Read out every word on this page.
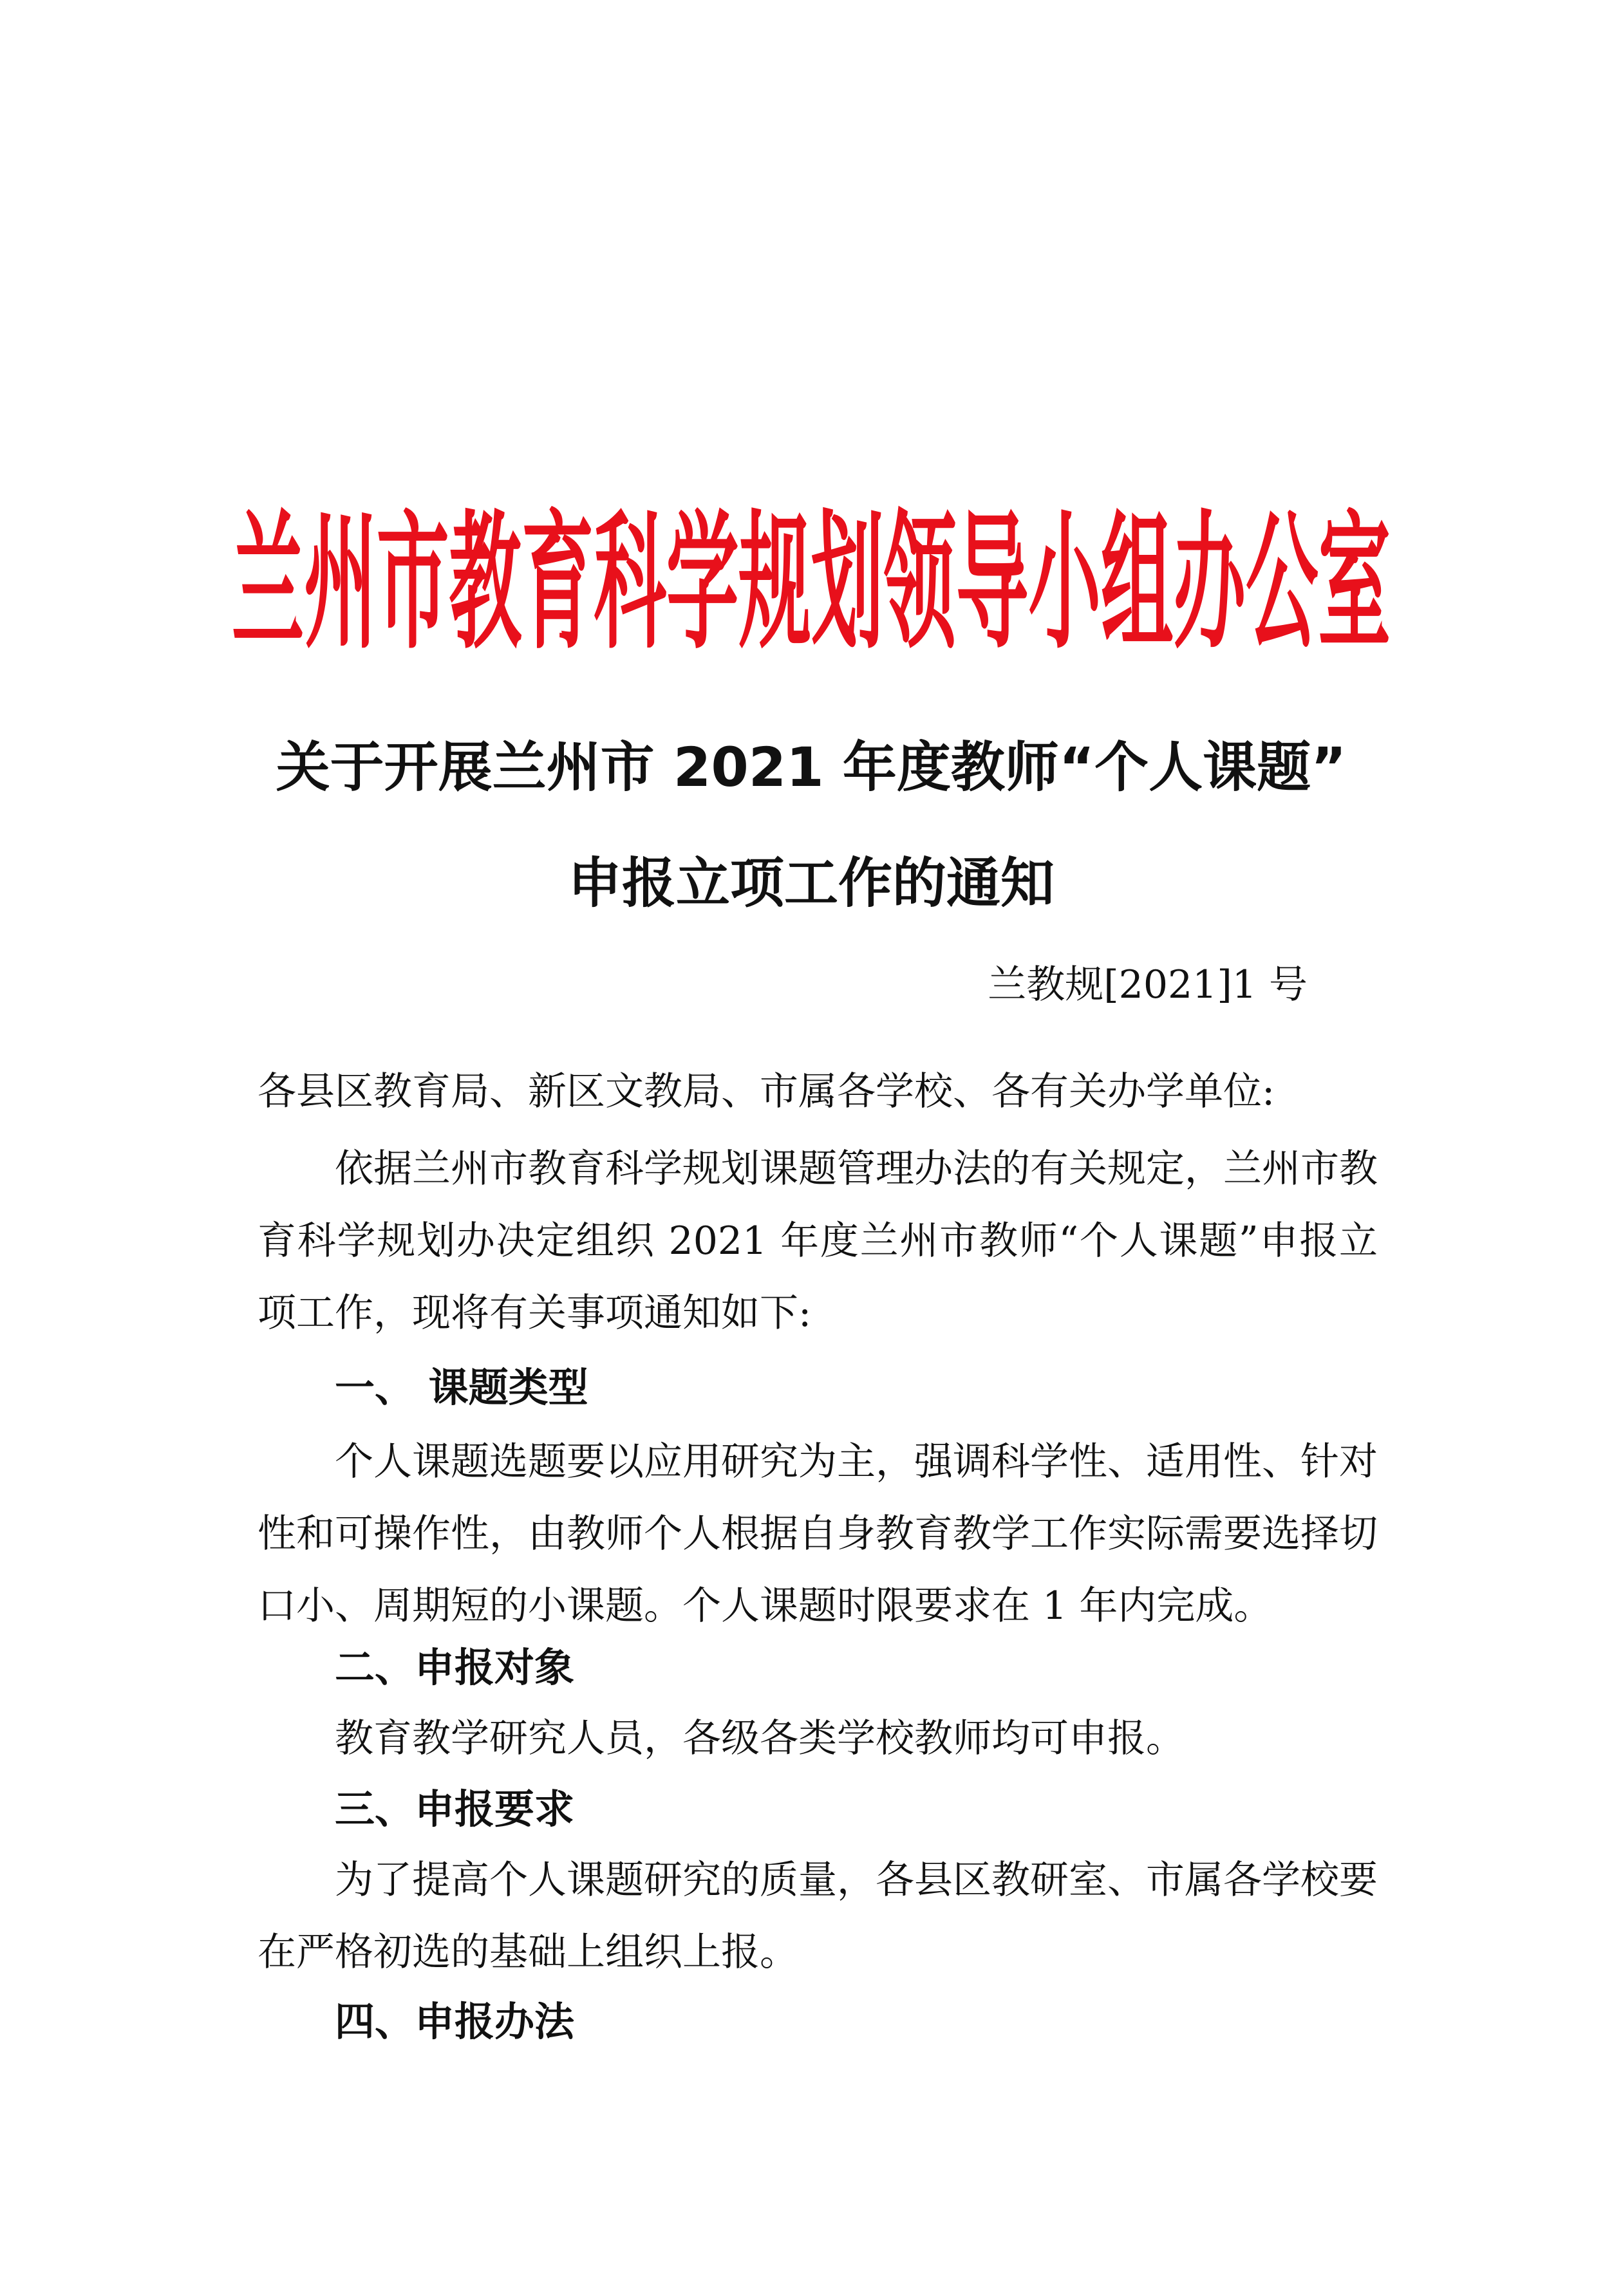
兰州市教育科学规划领导小组办公室
关于开展兰州市 2021 年度教师“个人课题”
申报立项工作的通知

兰教规[2021]1 号

各县区教育局、新区文教局、市属各学校、各有关办学单位:

依据兰州市教育科学规划课题管理办法的有关规定，兰州市教育科学规划办决定组织 2021 年度兰州市教师“个人课题”申报立项工作，现将有关事项通知如下:

一、 课题类型

个人课题选题要以应用研究为主，强调科学性、适用性、针对性和可操作性，由教师个人根据自身教育教学工作实际需要选择切口小、周期短的小课题。个人课题时限要求在 1 年内完成。

二、申报对象

教育教学研究人员，各级各类学校教师均可申报。

三、申报要求

为了提高个人课题研究的质量，各县区教研室、市属各学校要在严格初选的基础上组织上报。

四、申报办法
